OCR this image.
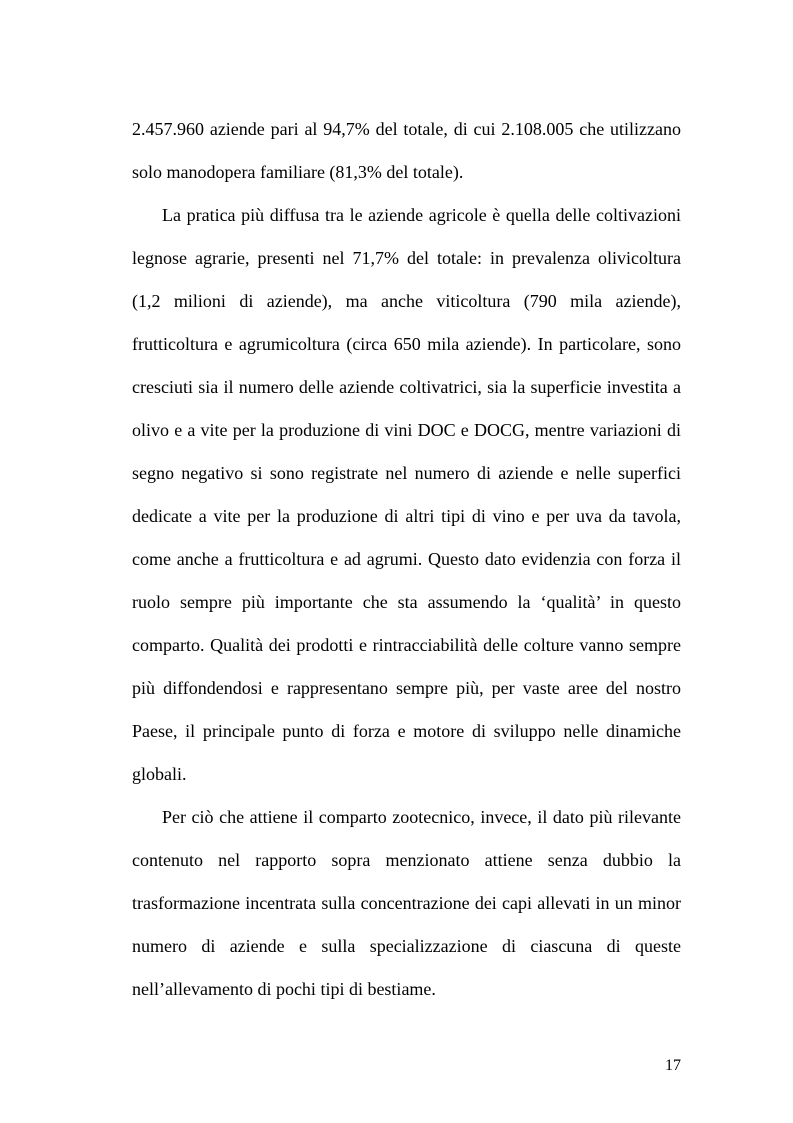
2.457.960 aziende pari al 94,7% del totale, di cui 2.108.005 che utilizzano solo manodopera familiare (81,3% del totale).

La pratica più diffusa tra le aziende agricole è quella delle coltivazioni legnose agrarie, presenti nel 71,7% del totale: in prevalenza olivicoltura (1,2 milioni di aziende), ma anche viticoltura (790 mila aziende), frutticoltura e agrumicoltura (circa 650 mila aziende). In particolare, sono cresciuti sia il numero delle aziende coltivatrici, sia la superficie investita a olivo e a vite per la produzione di vini DOC e DOCG, mentre variazioni di segno negativo si sono registrate nel numero di aziende e nelle superfici dedicate a vite per la produzione di altri tipi di vino e per uva da tavola, come anche a frutticoltura e ad agrumi. Questo dato evidenzia con forza il ruolo sempre più importante che sta assumendo la ‘qualità’ in questo comparto. Qualità dei prodotti e rintracciabilità delle colture vanno sempre più diffondendosi e rappresentano sempre più, per vaste aree del nostro Paese, il principale punto di forza e motore di sviluppo nelle dinamiche globali.

Per ciò che attiene il comparto zootecnico, invece, il dato più rilevante contenuto nel rapporto sopra menzionato attiene senza dubbio la trasformazione incentrata sulla concentrazione dei capi allevati in un minor numero di aziende e sulla specializzazione di ciascuna di queste nell’allevamento di pochi tipi di bestiame.

17
